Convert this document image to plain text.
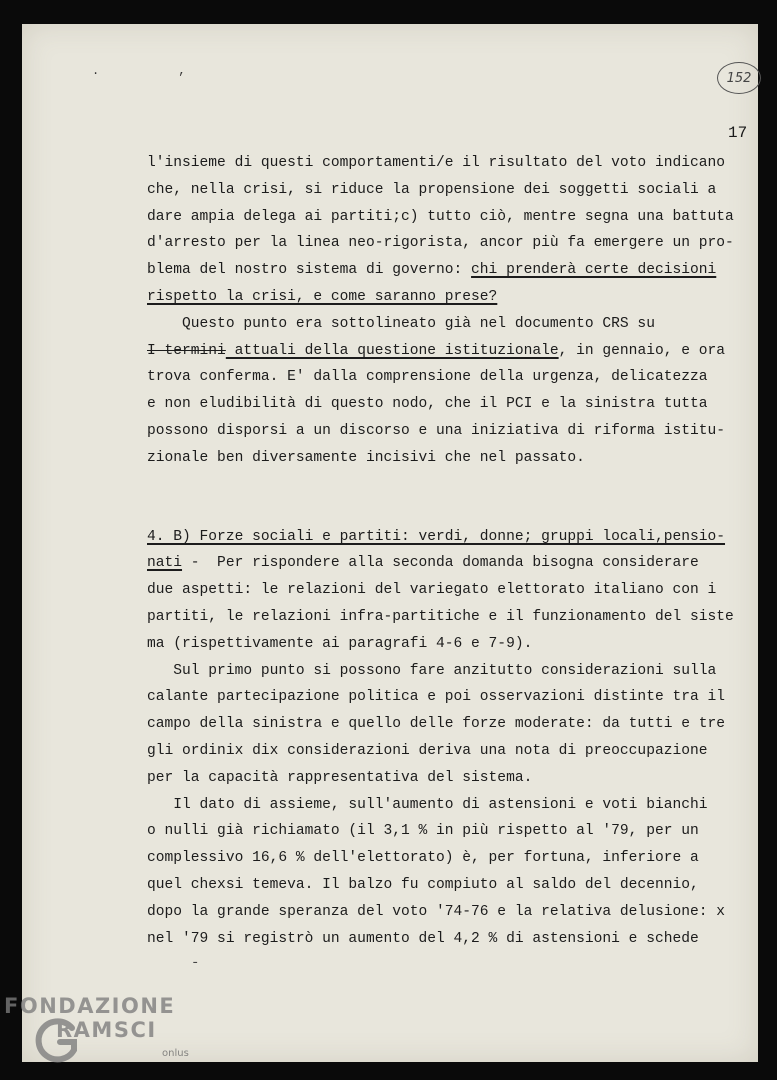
. ,	152
17
l'insieme di questi comportamenti/e il risultato del voto indicano
che, nella crisi, si riduce la propensione dei soggetti sociali a
dare ampia delega ai partiti;c) tutto ciò, mentre segna una battuta
d'arresto per la linea neo-rigorista, ancor più fa emergere un pro-
blema del nostro sistema di governo: chi prenderà certe decisioni
rispetto la crisi, e come saranno prese?
Questo punto era sottolineato già nel documento CRS su
I termini attuali della questione istituzionale, in gennaio, e ora
trova conferma. E' dalla comprensione della urgenza, delicatezza
e non eludibilità di questo nodo, che il PCI e la sinistra tutta
possono disporsi a un discorso e una iniziativa di riforma istitu-
zionale ben diversamente incisivi che nel passato.
4. B) Forze sociali e partiti: verdi, donne; gruppi locali,pensio-
nati -  Per rispondere alla seconda domanda bisogna considerare
due aspetti: le relazioni del variegato elettorato italiano con i
partiti, le relazioni infra-partitiche e il funzionamento del siste
ma (rispettivamente ai paragrafi 4-6 e 7-9).
Sul primo punto si possono fare anzitutto considerazioni sulla
calante partecipazione politica e poi osservazioni distinte tra il
campo della sinistra e quello delle forze moderate: da tutti e tre
gli ordinix dix considerazioni deriva una nota di preoccupazione
per la capacità rappresentativa del sistema.
Il dato di assieme, sull'aumento di astensioni e voti bianchi
o nulli già richiamato (il 3,1 % in più rispetto al '79, per un
complessivo 16,6 % dell'elettorato) è, per fortuna, inferiore a
quel chexsi temeva. Il balzo fu compiuto al saldo del decennio,
dopo la grande speranza del voto '74-76 e la relativa delusione: x
nel '79 si registrò un aumento del 4,2 % di astensioni e schede
-
FONDAZIONE
RAMSCI
onlus
